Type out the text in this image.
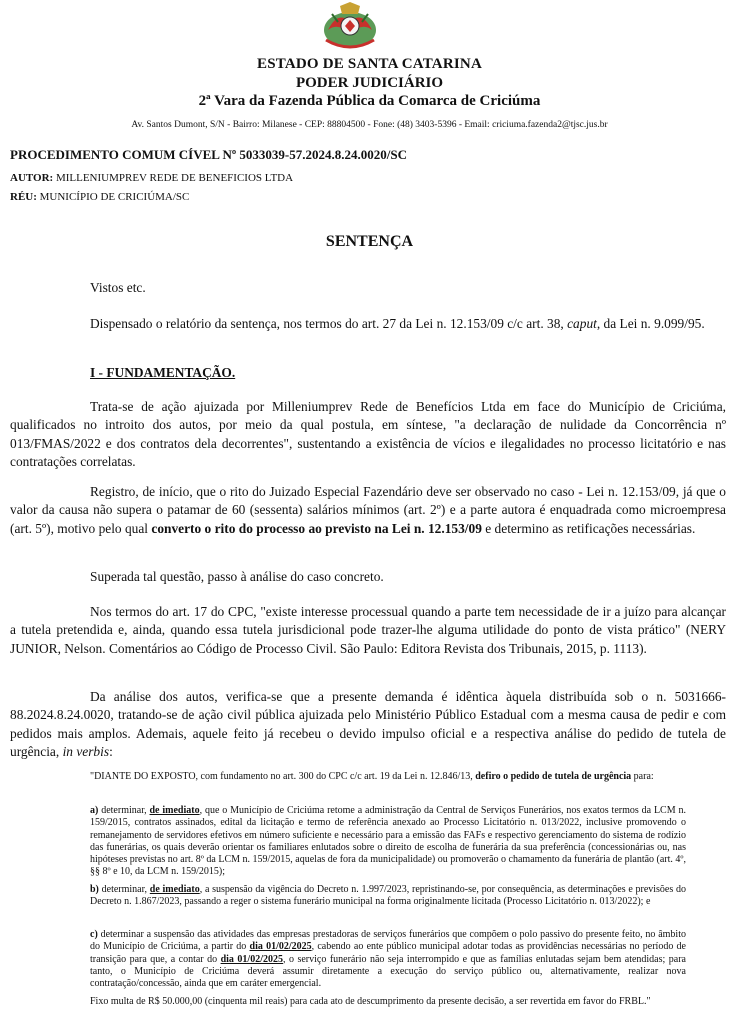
ESTADO DE SANTA CATARINA
PODER JUDICIÁRIO
2ª Vara da Fazenda Pública da Comarca de Criciúma
Av. Santos Dumont, S/N - Bairro: Milanese - CEP: 88804500 - Fone: (48) 3403-5396 - Email: criciuma.fazenda2@tjsc.jus.br
PROCEDIMENTO COMUM CÍVEL Nº 5033039-57.2024.8.24.0020/SC
AUTOR: MILLENIUMPREV REDE DE BENEFICIOS LTDA
RÉU: MUNICÍPIO DE CRICIÚMA/SC
SENTENÇA
Vistos etc.
Dispensado o relatório da sentença, nos termos do art. 27 da Lei n. 12.153/09 c/c art. 38, caput, da Lei n. 9.099/95.
I - FUNDAMENTAÇÃO.
Trata-se de ação ajuizada por Milleniumprev Rede de Benefícios Ltda em face do Município de Criciúma, qualificados no introito dos autos, por meio da qual postula, em síntese, "a declaração de nulidade da Concorrência nº 013/FMAS/2022 e dos contratos dela decorrentes", sustentando a existência de vícios e ilegalidades no processo licitatório e nas contratações correlatas.
Registro, de início, que o rito do Juizado Especial Fazendário deve ser observado no caso - Lei n. 12.153/09, já que o valor da causa não supera o patamar de 60 (sessenta) salários mínimos (art. 2º) e a parte autora é enquadrada como microempresa (art. 5º), motivo pelo qual converto o rito do processo ao previsto na Lei n. 12.153/09 e determino as retificações necessárias.
Superada tal questão, passo à análise do caso concreto.
Nos termos do art. 17 do CPC, "existe interesse processual quando a parte tem necessidade de ir a juízo para alcançar a tutela pretendida e, ainda, quando essa tutela jurisdicional pode trazer-lhe alguma utilidade do ponto de vista prático" (NERY JUNIOR, Nelson. Comentários ao Código de Processo Civil. São Paulo: Editora Revista dos Tribunais, 2015, p. 1113).
Da análise dos autos, verifica-se que a presente demanda é idêntica àquela distribuída sob o n. 5031666-88.2024.8.24.0020, tratando-se de ação civil pública ajuizada pelo Ministério Público Estadual com a mesma causa de pedir e com pedidos mais amplos. Ademais, aquele feito já recebeu o devido impulso oficial e a respectiva análise do pedido de tutela de urgência, in verbis:
"DIANTE DO EXPOSTO, com fundamento no art. 300 do CPC c/c art. 19 da Lei n. 12.846/13, defiro o pedido de tutela de urgência para:
a) determinar, de imediato, que o Município de Criciúma retome a administração da Central de Serviços Funerários, nos exatos termos da LCM n. 159/2015, contratos assinados, edital da licitação e termo de referência anexado ao Processo Licitatório n. 013/2022, inclusive promovendo o remanejamento de servidores efetivos em número suficiente e necessário para a emissão das FAFs e respectivo gerenciamento do sistema de rodízio das funerárias, os quais deverão orientar os familiares enlutados sobre o direito de escolha de funerária da sua preferência (concessionárias ou, nas hipóteses previstas no art. 8º da LCM n. 159/2015, aquelas de fora da municipalidade) ou promoverão o chamamento da funerária de plantão (art. 4º, §§ 8º e 10, da LCM n. 159/2015);
b) determinar, de imediato, a suspensão da vigência do Decreto n. 1.997/2023, repristinando-se, por consequência, as determinações e previsões do Decreto n. 1.867/2023, passando a reger o sistema funerário municipal na forma originalmente licitada (Processo Licitatório n. 013/2022); e
c) determinar a suspensão das atividades das empresas prestadoras de serviços funerários que compõem o polo passivo do presente feito, no âmbito do Município de Criciúma, a partir do dia 01/02/2025, cabendo ao ente público municipal adotar todas as providências necessárias no período de transição para que, a contar do dia 01/02/2025, o serviço funerário não seja interrompido e que as famílias enlutadas sejam bem atendidas; para tanto, o Município de Criciúma deverá assumir diretamente a execução do serviço público ou, alternativamente, realizar nova contratação/concessão, ainda que em caráter emergencial.
Fixo multa de R$ 50.000,00 (cinquenta mil reais) para cada ato de descumprimento da presente decisão, a ser revertida em favor do FRBL."
